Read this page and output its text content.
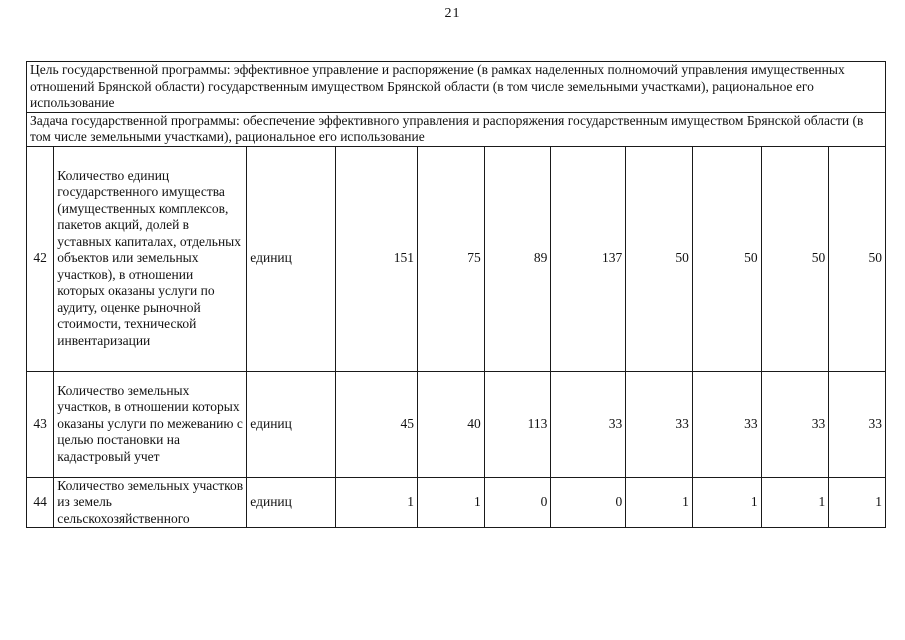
21
Цель государственной программы: эффективное управление и распоряжение (в рамках наделенных полномочий управления имущественных отношений Брянской области) государственным имуществом Брянской области (в том числе земельными участками), рациональное его использование										
Задача государственной программы: обеспечение эффективного управления и распоряжения государственным имуществом Брянской области (в том числе земельными участками), рациональное его использование										
42	Количество единиц государственного имущества (имущественных комплексов, пакетов акций, долей в уставных капиталах, отдельных объектов или земельных участков), в отношении которых оказаны услуги по аудиту, оценке рыночной стоимости, технической инвентаризации	единиц	151	75	89	137	50	50	50	50
43	Количество земельных участков, в отношении которых оказаны услуги по межеванию с целью постановки на кадастровый учет	единиц	45	40	113	33	33	33	33	33
44	Количество земельных участков из земель сельскохозяйственного	единиц	1	1	0	0	1	1	1	1
